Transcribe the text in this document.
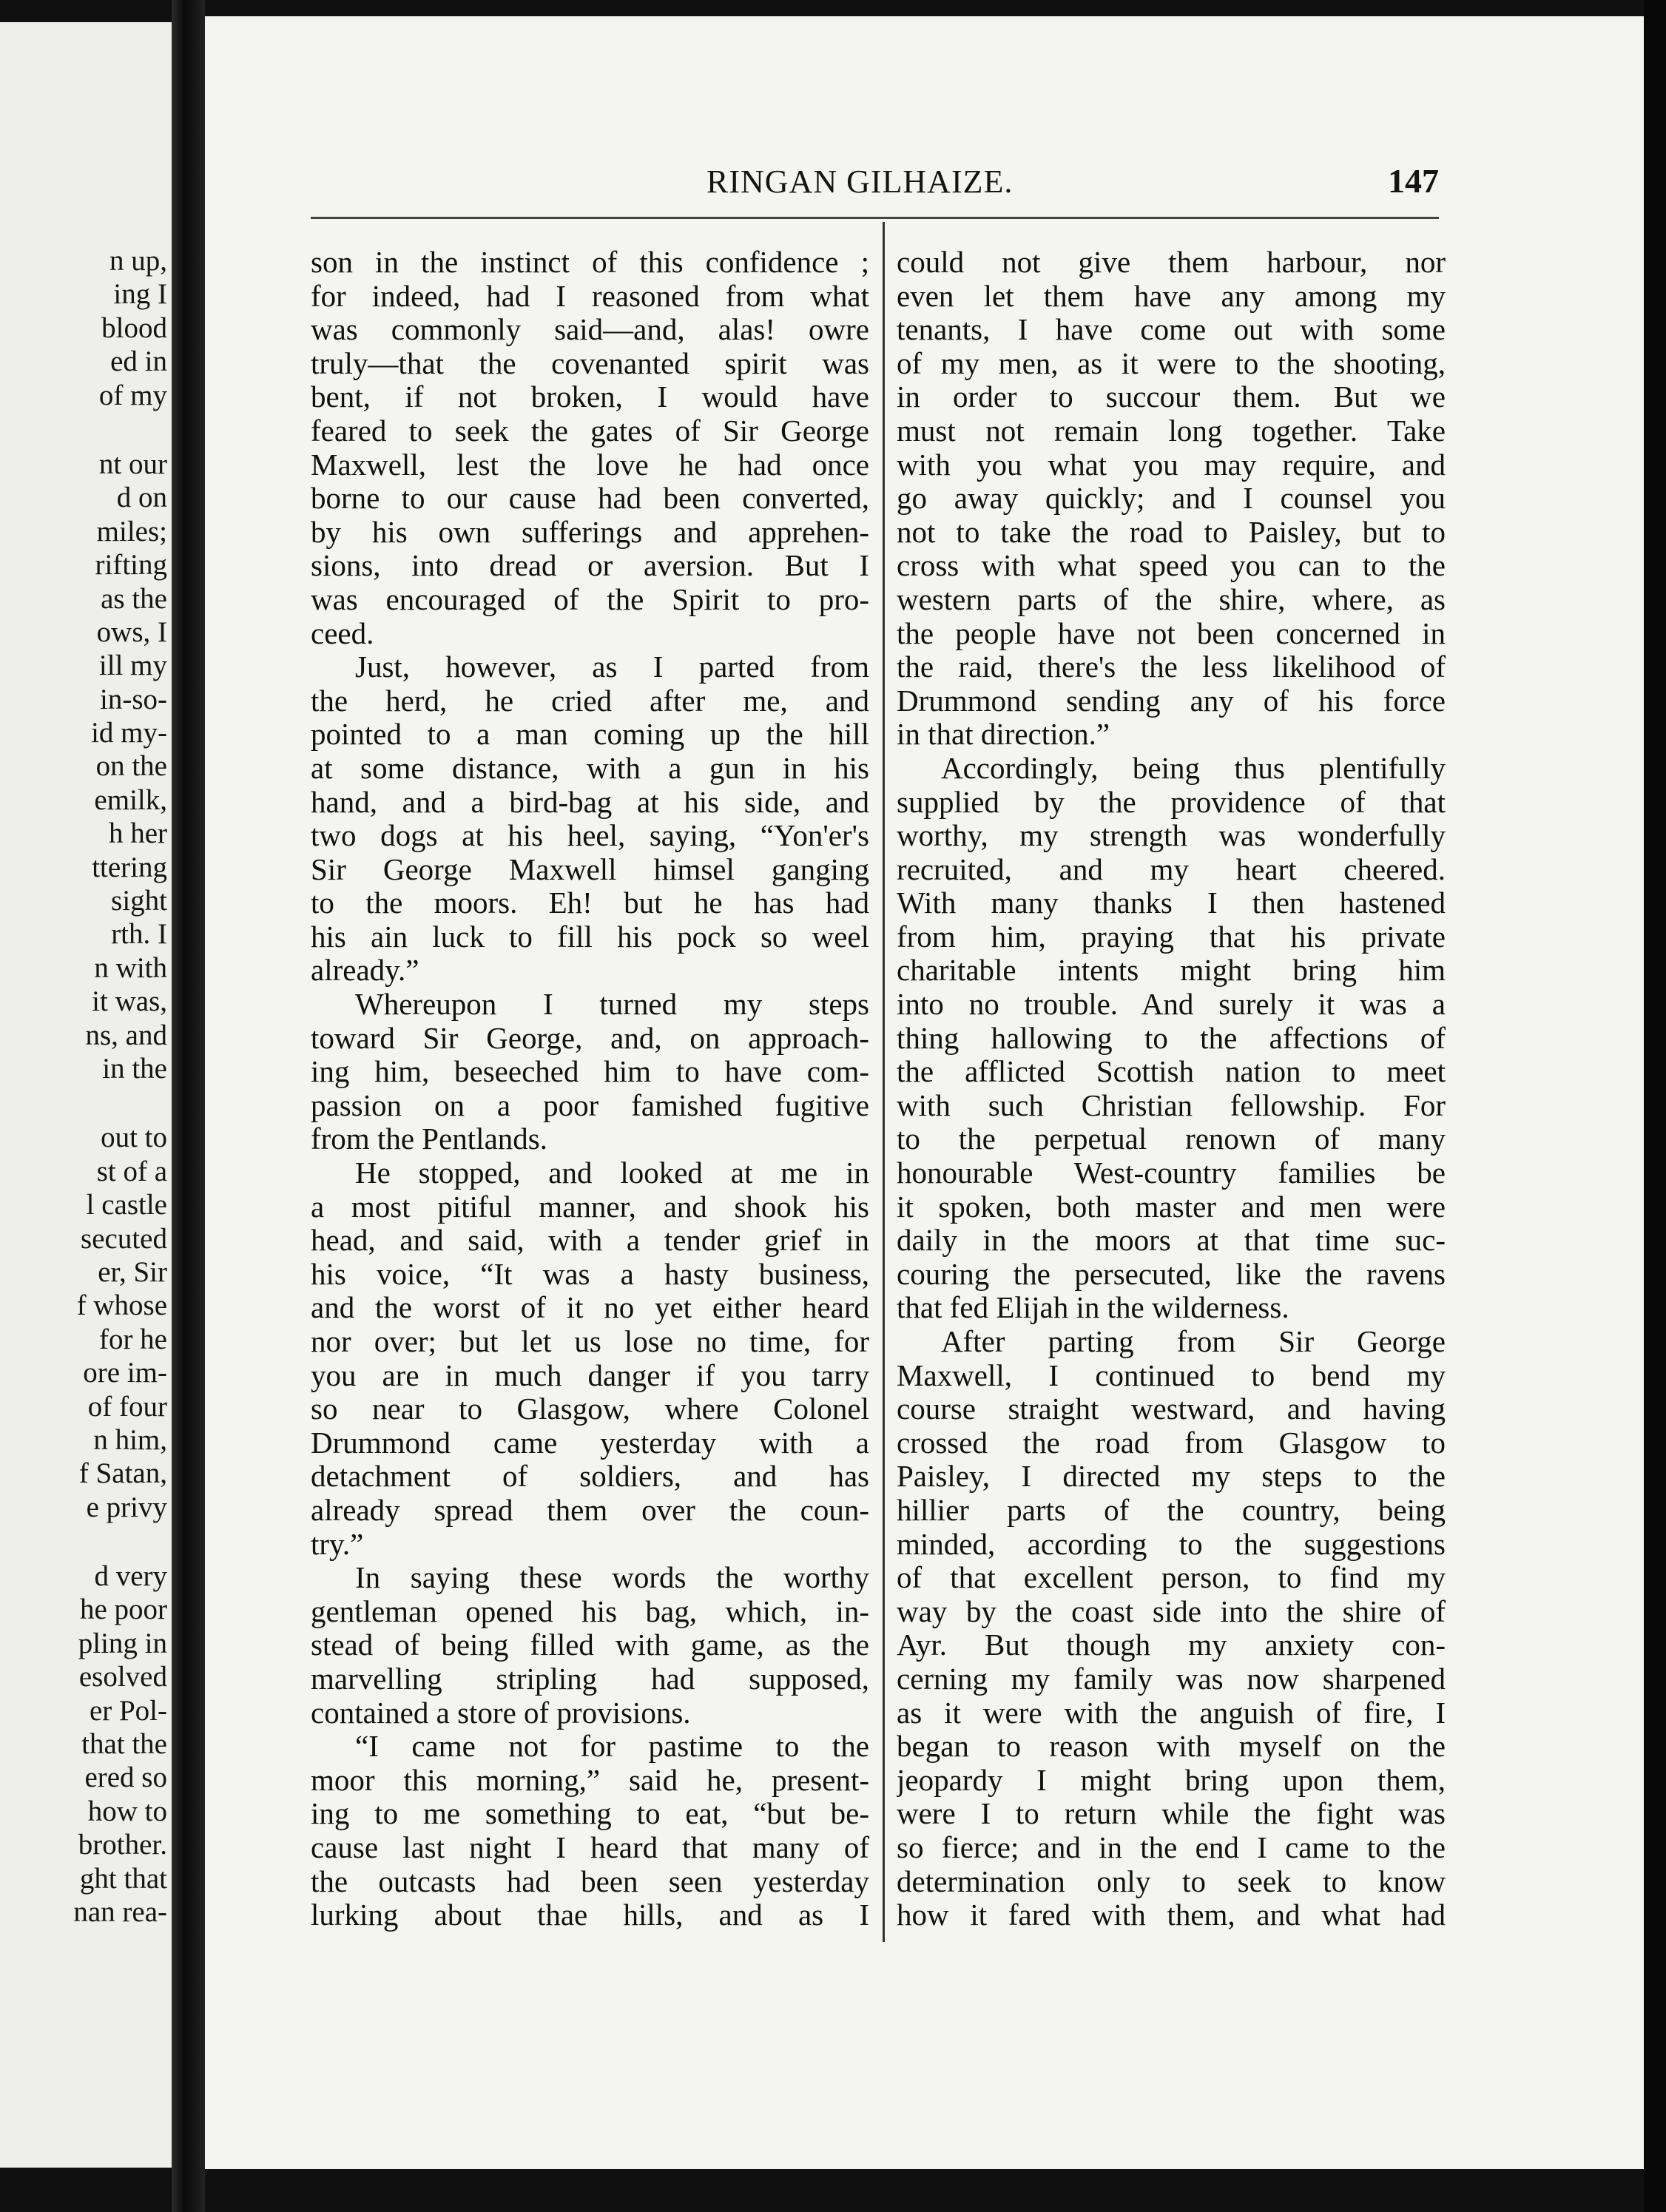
n up,
ing I
blood
ed in
of my
nt our
d on
miles;
rifting
as the
ows, I
ill my
in-so-
id my-
on the
emilk,
h her
ttering
sight
rth. I
n with
it was,
ns, and
in the
out to
st of a
l castle
secuted
er, Sir
f whose
for he
ore im-
of four
n him,
f Satan,
e privy
d very
he poor
pling in
esolved
er Pol-
that the
ered so
how to
brother.
ght that
nan rea-
RINGAN GILHAIZE.	147
son in the instinct of this confidence ;
for indeed, had I reasoned from what
was commonly said—and, alas! owre
truly—that the covenanted spirit was
bent, if not broken, I would have
feared to seek the gates of Sir George
Maxwell, lest the love he had once
borne to our cause had been converted,
by his own sufferings and apprehen-
sions, into dread or aversion. But I
was encouraged of the Spirit to pro-
ceed.
Just, however, as I parted from
the herd, he cried after me, and
pointed to a man coming up the hill
at some distance, with a gun in his
hand, and a bird-bag at his side, and
two dogs at his heel, saying, “Yon'er's
Sir George Maxwell himsel ganging
to the moors. Eh! but he has had
his ain luck to fill his pock so weel
already.”
Whereupon I turned my steps
toward Sir George, and, on approach-
ing him, beseeched him to have com-
passion on a poor famished fugitive
from the Pentlands.
He stopped, and looked at me in
a most pitiful manner, and shook his
head, and said, with a tender grief in
his voice, “It was a hasty business,
and the worst of it no yet either heard
nor over; but let us lose no time, for
you are in much danger if you tarry
so near to Glasgow, where Colonel
Drummond came yesterday with a
detachment of soldiers, and has
already spread them over the coun-
try.”
In saying these words the worthy
gentleman opened his bag, which, in-
stead of being filled with game, as the
marvelling stripling had supposed,
contained a store of provisions.
“I came not for pastime to the
moor this morning,” said he, present-
ing to me something to eat, “but be-
cause last night I heard that many of
the outcasts had been seen yesterday
lurking about thae hills, and as I
could not give them harbour, nor
even let them have any among my
tenants, I have come out with some
of my men, as it were to the shooting,
in order to succour them. But we
must not remain long together. Take
with you what you may require, and
go away quickly; and I counsel you
not to take the road to Paisley, but to
cross with what speed you can to the
western parts of the shire, where, as
the people have not been concerned in
the raid, there's the less likelihood of
Drummond sending any of his force
in that direction.”
Accordingly, being thus plentifully
supplied by the providence of that
worthy, my strength was wonderfully
recruited, and my heart cheered.
With many thanks I then hastened
from him, praying that his private
charitable intents might bring him
into no trouble. And surely it was a
thing hallowing to the affections of
the afflicted Scottish nation to meet
with such Christian fellowship. For
to the perpetual renown of many
honourable West-country families be
it spoken, both master and men were
daily in the moors at that time suc-
couring the persecuted, like the ravens
that fed Elijah in the wilderness.
After parting from Sir George
Maxwell, I continued to bend my
course straight westward, and having
crossed the road from Glasgow to
Paisley, I directed my steps to the
hillier parts of the country, being
minded, according to the suggestions
of that excellent person, to find my
way by the coast side into the shire of
Ayr. But though my anxiety con-
cerning my family was now sharpened
as it were with the anguish of fire, I
began to reason with myself on the
jeopardy I might bring upon them,
were I to return while the fight was
so fierce; and in the end I came to the
determination only to seek to know
how it fared with them, and what had
